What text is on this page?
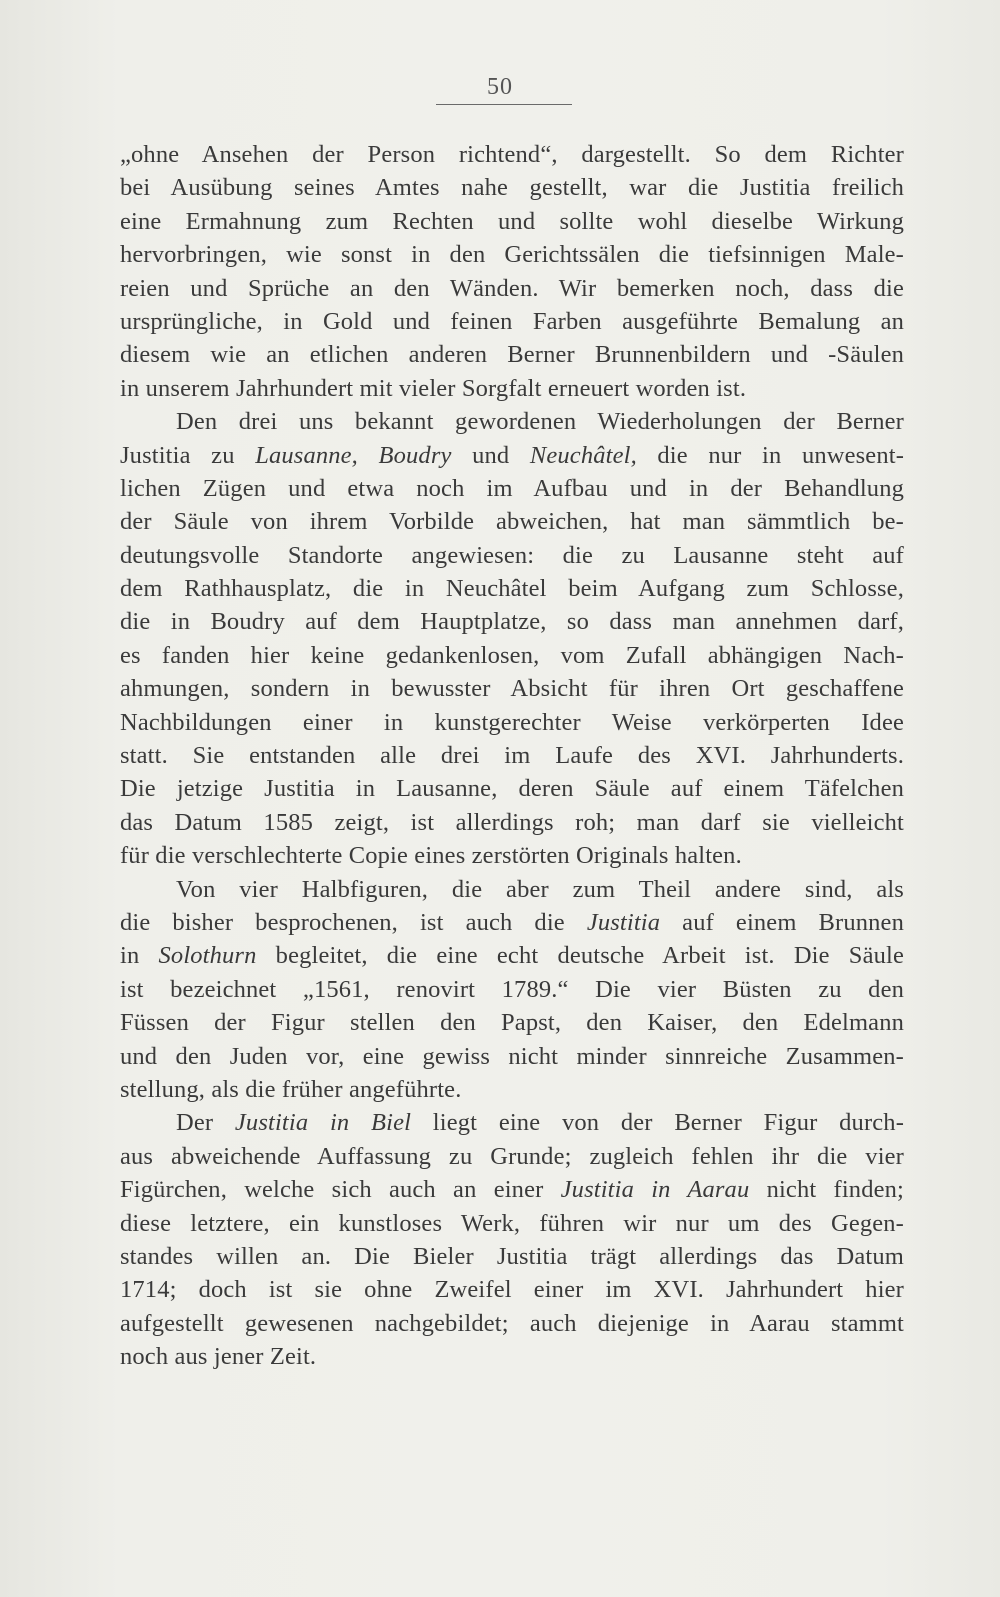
50
„ohne Ansehen der Person richtend“, dargestellt. So dem Richter
bei Ausübung seines Amtes nahe gestellt, war die Justitia freilich
eine Ermahnung zum Rechten und sollte wohl dieselbe Wirkung
hervorbringen, wie sonst in den Gerichtssälen die tiefsinnigen Male-
reien und Sprüche an den Wänden. Wir bemerken noch, dass die
ursprüngliche, in Gold und feinen Farben ausgeführte Bemalung an
diesem wie an etlichen anderen Berner Brunnenbildern und -Säulen
in unserem Jahrhundert mit vieler Sorgfalt erneuert worden ist.
Den drei uns bekannt gewordenen Wiederholungen der Berner
Justitia zu Lausanne, Boudry und Neuchâtel, die nur in unwesent-
lichen Zügen und etwa noch im Aufbau und in der Behandlung
der Säule von ihrem Vorbilde abweichen, hat man sämmtlich be-
deutungsvolle Standorte angewiesen: die zu Lausanne steht auf
dem Rathhausplatz, die in Neuchâtel beim Aufgang zum Schlosse,
die in Boudry auf dem Hauptplatze, so dass man annehmen darf,
es fanden hier keine gedankenlosen, vom Zufall abhängigen Nach-
ahmungen, sondern in bewusster Absicht für ihren Ort geschaffene
Nachbildungen einer in kunstgerechter Weise verkörperten Idee
statt. Sie entstanden alle drei im Laufe des XVI. Jahrhunderts.
Die jetzige Justitia in Lausanne, deren Säule auf einem Täfelchen
das Datum 1585 zeigt, ist allerdings roh; man darf sie vielleicht
für die verschlechterte Copie eines zerstörten Originals halten.
Von vier Halbfiguren, die aber zum Theil andere sind, als
die bisher besprochenen, ist auch die Justitia auf einem Brunnen
in Solothurn begleitet, die eine echt deutsche Arbeit ist. Die Säule
ist bezeichnet „1561, renovirt 1789.“ Die vier Büsten zu den
Füssen der Figur stellen den Papst, den Kaiser, den Edelmann
und den Juden vor, eine gewiss nicht minder sinnreiche Zusammen-
stellung, als die früher angeführte.
Der Justitia in Biel liegt eine von der Berner Figur durch-
aus abweichende Auffassung zu Grunde; zugleich fehlen ihr die vier
Figürchen, welche sich auch an einer Justitia in Aarau nicht finden;
diese letztere, ein kunstloses Werk, führen wir nur um des Gegen-
standes willen an. Die Bieler Justitia trägt allerdings das Datum
1714; doch ist sie ohne Zweifel einer im XVI. Jahrhundert hier
aufgestellt gewesenen nachgebildet; auch diejenige in Aarau stammt
noch aus jener Zeit.
